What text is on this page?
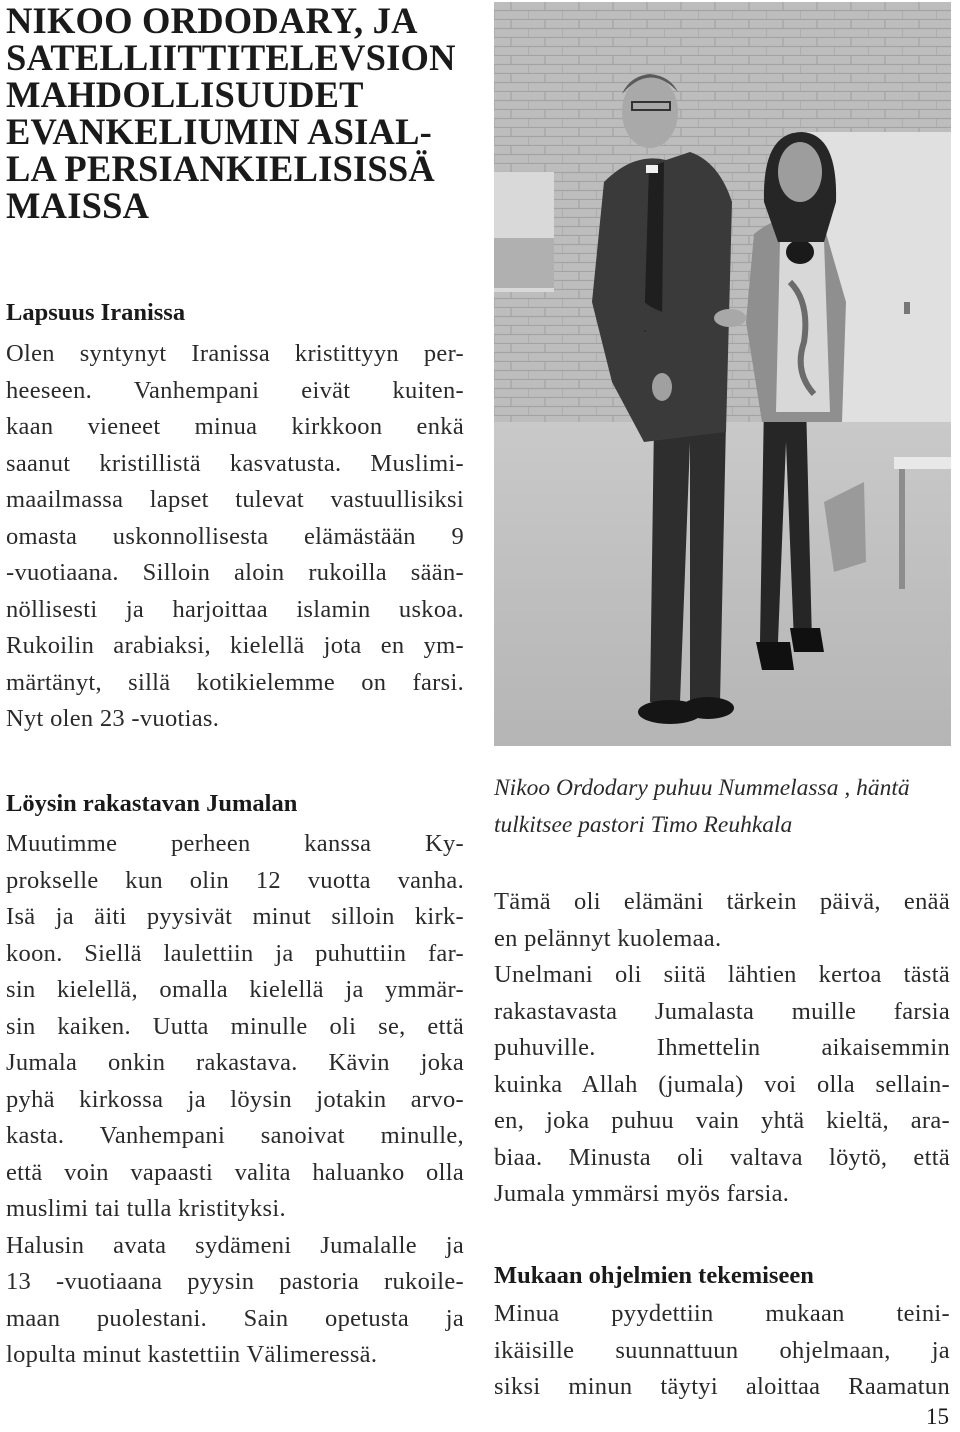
NIKOO ORDODARY, JA
SATELLIITTITELEVSION
MAHDOLLISUUDET
EVANKELIUMIN ASIAL-
LA PERSIANKIELISISSÄ
MAISSA
Lapsuus Iranissa
Olen syntynyt Iranissa kristittyyn per-
heeseen. Vanhempani eivät kuiten-
kaan vieneet minua kirkkoon enkä
saanut kristillistä kasvatusta. Muslimi-
maailmassa lapset tulevat vastuullisiksi
omasta uskonnollisesta elämästään 9
-vuotiaana. Silloin aloin rukoilla sään-
nöllisesti ja harjoittaa islamin uskoa.
Rukoilin arabiaksi, kielellä jota en ym-
märtänyt, sillä kotikielemme on farsi.
Nyt olen 23 -vuotias.
Löysin rakastavan Jumalan
Muutimme perheen kanssa Ky-
prokselle kun olin 12 vuotta vanha.
Isä ja äiti pyysivät minut silloin kirk-
koon. Siellä laulettiin ja puhuttiin far-
sin kielellä, omalla kielellä ja ymmär-
sin kaiken. Uutta minulle oli se, että
Jumala onkin rakastava. Kävin joka
pyhä kirkossa ja löysin jotakin arvo-
kasta. Vanhempani sanoivat minulle,
että voin vapaasti valita haluanko olla
muslimi tai tulla kristityksi.
Halusin avata sydämeni Jumalalle ja
13 -vuotiaana pyysin pastoria rukoile-
maan puolestani. Sain opetusta ja
lopulta minut kastettiin Välimeressä.
Nikoo Ordodary puhuu Nummelassa , häntä
tulkitsee pastori Timo Reuhkala
Tämä oli elämäni tärkein päivä, enää
en pelännyt kuolemaa.
Unelmani oli siitä lähtien kertoa tästä
rakastavasta Jumalasta muille farsia
puhuville. Ihmettelin aikaisemmin
kuinka Allah (jumala) voi olla sellain-
en, joka puhuu vain yhtä kieltä, ara-
biaa. Minusta oli valtava löytö, että
Jumala ymmärsi myös farsia.
Mukaan ohjelmien tekemiseen
Minua pyydettiin mukaan teini-
ikäisille suunnattuun ohjelmaan, ja
siksi minun täytyi aloittaa Raamatun
15
